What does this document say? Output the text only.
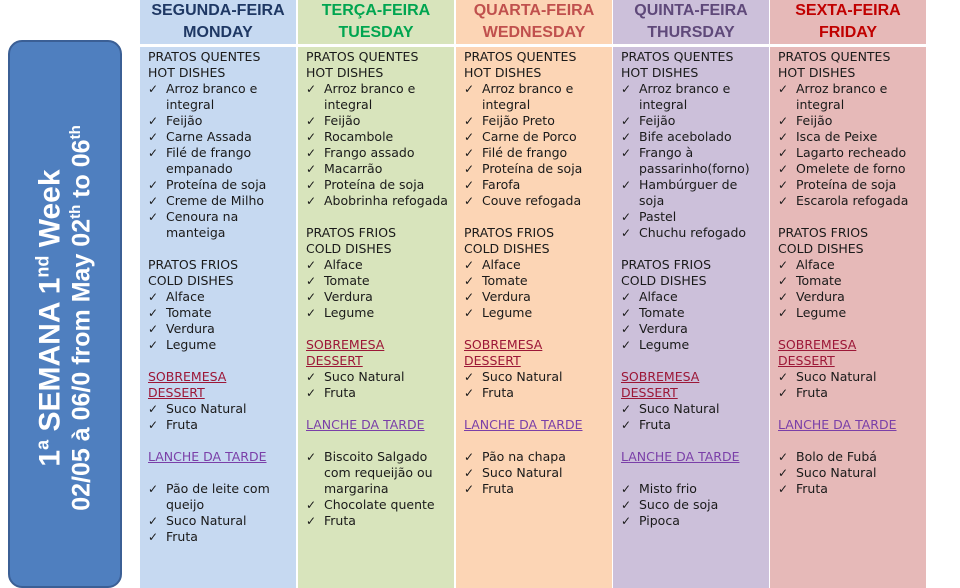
1$^a$ SEMANA 1nd Week
02/05 à 06/0 from May 02th to 06th
SEGUNDA-FEIRA
MONDAY
PRATOS QUENTES
HOT DISHES
✓ Arroz branco e integral
✓ Feijão
✓ Carne Assada
✓ Filé de frango empanado
✓ Proteína de soja
✓ Creme de Milho
✓ Cenoura na manteiga
PRATOS FRIOS
COLD DISHES
✓ Alface
✓ Tomate
✓ Verdura
✓ Legume
SOBREMESA
DESSERT
✓ Suco Natural
✓ Fruta
LANCHE DA TARDE
✓ Pão de leite com queijo
✓ Suco Natural
✓ Fruta
TERÇA-FEIRA
TUESDAY
PRATOS QUENTES
HOT DISHES
✓ Arroz branco e integral
✓ Feijão
✓ Rocambole
✓ Frango assado
✓ Macarrão
✓ Proteína de soja
✓ Abobrinha refogada
PRATOS FRIOS
COLD DISHES
✓ Alface
✓ Tomate
✓ Verdura
✓ Legume
SOBREMESA
DESSERT
✓ Suco Natural
✓ Fruta
LANCHE DA TARDE
✓ Biscoito Salgado com requeijão ou margarina
✓ Chocolate quente
✓ Fruta
QUARTA-FEIRA
WEDNESDAY
PRATOS QUENTES
HOT DISHES
✓ Arroz branco e integral
✓ Feijão Preto
✓ Carne de Porco
✓ Filé de frango
✓ Proteína de soja
✓ Farofa
✓ Couve refogada
PRATOS FRIOS
COLD DISHES
✓ Alface
✓ Tomate
✓ Verdura
✓ Legume
SOBREMESA
DESSERT
✓ Suco Natural
✓ Fruta
LANCHE DA TARDE
✓ Pão na chapa
✓ Suco Natural
✓ Fruta
QUINTA-FEIRA
THURSDAY
PRATOS QUENTES
HOT DISHES
✓ Arroz branco e integral
✓ Feijão
✓ Bife acebolado
✓ Frango à passarinho(forno)
✓ Hambúrguer de soja
✓ Pastel
✓ Chuchu refogado
PRATOS FRIOS
COLD DISHES
✓ Alface
✓ Tomate
✓ Verdura
✓ Legume
SOBREMESA
DESSERT
✓ Suco Natural
✓ Fruta
LANCHE DA TARDE
✓ Misto frio
✓ Suco de soja
✓ Pipoca
SEXTA-FEIRA
FRIDAY
PRATOS QUENTES
HOT DISHES
✓ Arroz branco e integral
✓ Feijão
✓ Isca de Peixe
✓ Lagarto recheado
✓ Omelete de forno
✓ Proteína de soja
✓ Escarola refogada
PRATOS FRIOS
COLD DISHES
✓ Alface
✓ Tomate
✓ Verdura
✓ Legume
SOBREMESA
DESSERT
✓ Suco Natural
✓ Fruta
LANCHE DA TARDE
✓ Bolo de Fubá
✓ Suco Natural
✓ Fruta
